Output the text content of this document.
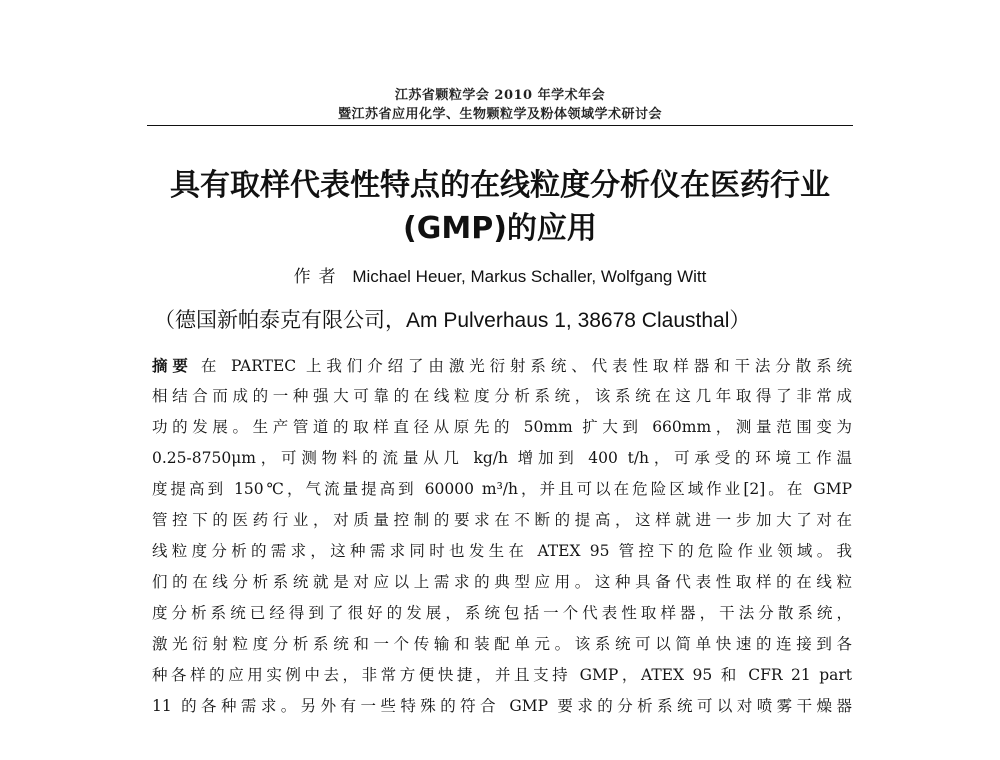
江苏省颗粒学会 2010 年学术年会
暨江苏省应用化学、生物颗粒学及粉体领域学术研讨会
具有取样代表性特点的在线粒度分析仪在医药行业
(GMP)的应用
作者 Michael Heuer, Markus Schaller, Wolfgang Witt
（德国新帕泰克有限公司，Am Pulverhaus 1, 38678 Clausthal）
摘要 在 PARTEC 上我们介绍了由激光衍射系统、代表性取样器和干法分散系统
相结合而成的一种强大可靠的在线粒度分析系统，该系统在这几年取得了非常成
功的发展。生产管道的取样直径从原先的 50mm 扩大到 660mm，测量范围变为
0.25-8750μm，可测物料的流量从几 kg/h 增加到 400 t/h，可承受的环境工作温
度提高到 150℃，气流量提高到 60000 m³/h，并且可以在危险区域作业[2]。在 GMP
管控下的医药行业，对质量控制的要求在不断的提高，这样就进一步加大了对在
线粒度分析的需求，这种需求同时也发生在 ATEX 95 管控下的危险作业领域。我
们的在线分析系统就是对应以上需求的典型应用。这种具备代表性取样的在线粒
度分析系统已经得到了很好的发展，系统包括一个代表性取样器，干法分散系统，
激光衍射粒度分析系统和一个传输和装配单元。该系统可以简单快速的连接到各
种各样的应用实例中去，非常方便快捷，并且支持 GMP，ATEX 95 和 CFR 21 part
11 的各种需求。另外有一些特殊的符合 GMP 要求的分析系统可以对喷雾干燥器
